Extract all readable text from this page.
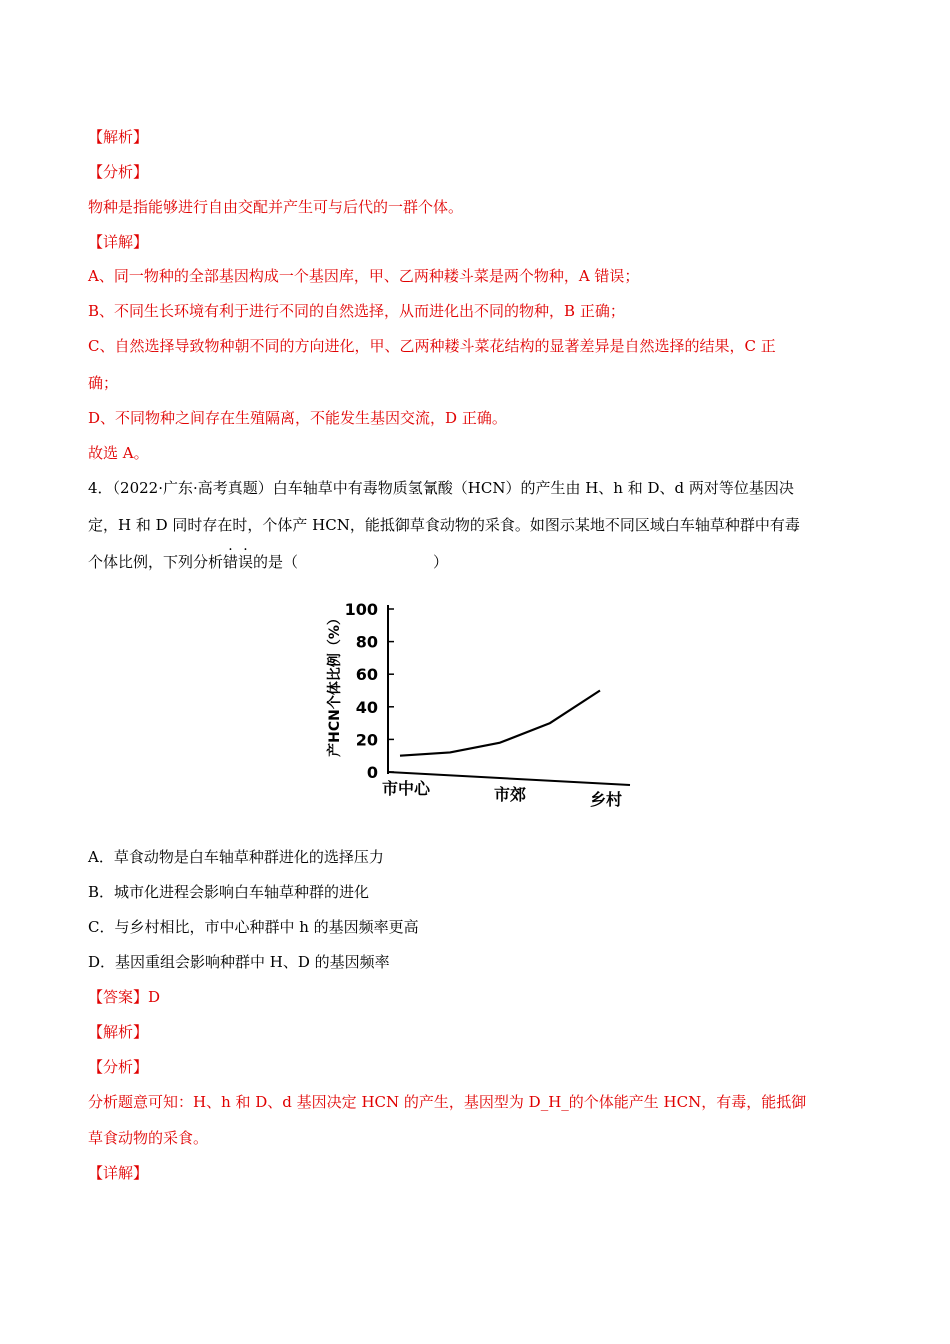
【解析】
【分析】
物种是指能够进行自由交配并产生可与后代的一群个体。
【详解】
A、同一物种的全部基因构成一个基因库，甲、乙两种耧斗菜是两个物种，A 错误；
B、不同生长环境有利于进行不同的自然选择，从而进化出不同的物种，B 正确；
C、自然选择导致物种朝不同的方向进化，甲、乙两种耧斗菜花结构的显著差异是自然选择的结果，C 正
确；
D、不同物种之间存在生殖隔离，不能发生基因交流，D 正确。
故选 A。
4．（2022·广东·高考真题）白车轴草中有毒物质氢氰酸（HCN）的产生由 H、h 和 D、d 两对等位基因决
定，H 和 D 同时存在时，个体产 HCN，能抵御草食动物的采食。如图示某地不同区域白车轴草种群中有毒
个体比例，下列分析错误的是（　　　　　　　　　）
产HCN个体比例（%）
0
20
40
60
80
100
市中心	市郊	乡村
A．草食动物是白车轴草种群进化的选择压力
B．城市化进程会影响白车轴草种群的进化
C．与乡村相比，市中心种群中 h 的基因频率更高
D．基因重组会影响种群中 H、D 的基因频率
【答案】D
【解析】
【分析】
分析题意可知：H、h 和 D、d 基因决定 HCN 的产生，基因型为 D_H_的个体能产生 HCN，有毒，能抵御
草食动物的采食。
【详解】
